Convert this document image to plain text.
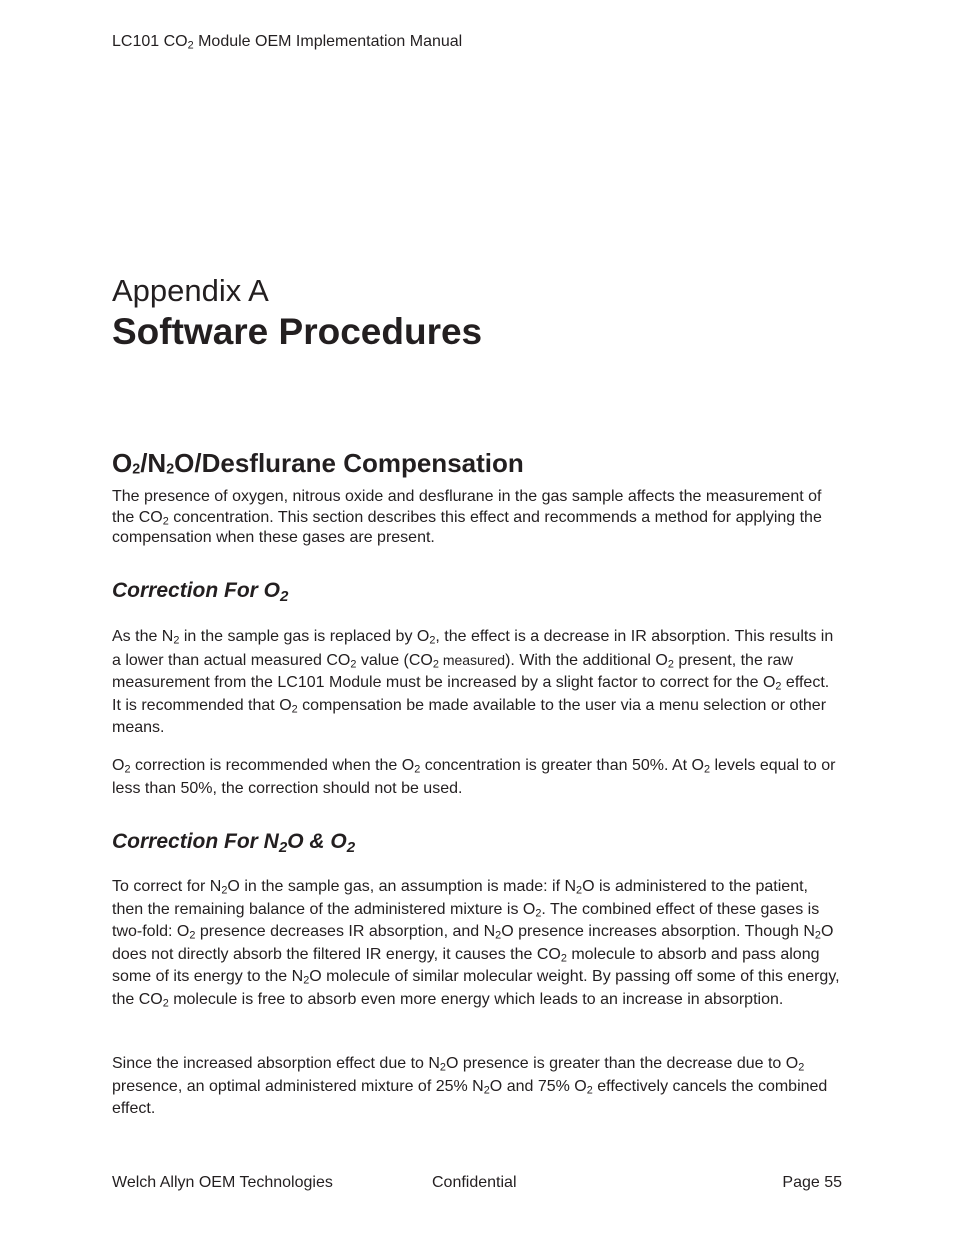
LC101 $CO_2$ Module OEM Implementation Manual
Appendix A
Software Procedures
$O_2/N_2O$/Desflurane Compensation
The presence of oxygen, nitrous oxide and desflurane in the gas sample affects the measurement of the $CO_2$ concentration. This section describes this effect and recommends a method for applying the compensation when these gases are present.
Correction For $O_2$
As the $N_2$ in the sample gas is replaced by $O_2$, the effect is a decrease in IR absorption. This results in a lower than actual measured $CO_2$ value ($CO_2$ measured). With the additional $O_2$ present, the raw measurement from the LC101 Module must be increased by a slight factor to correct for the $O_2$ effect. It is recommended that $O_2$ compensation be made available to the user via a menu selection or other means.
$O_2$ correction is recommended when the $O_2$ concentration is greater than 50%. At $O_2$ levels equal to or less than 50%, the correction should not be used.
Correction For $N_2O$ & $O_2$
To correct for $N_2O$ in the sample gas, an assumption is made: if $N_2O$ is administered to the patient, then the remaining balance of the administered mixture is $O_2$. The combined effect of these gases is two-fold: $O_2$ presence decreases IR absorption, and $N_2O$ presence increases absorption. Though $N_2O$ does not directly absorb the filtered IR energy, it causes the $CO_2$ molecule to absorb and pass along some of its energy to the $N_2O$ molecule of similar molecular weight. By passing off some of this energy, the $CO_2$ molecule is free to absorb even more energy which leads to an increase in absorption.
Since the increased absorption effect due to $N_2O$ presence is greater than the decrease due to $O_2$ presence, an optimal administered mixture of 25% $N_2O$ and 75% $O_2$ effectively cancels the combined effect.
Welch Allyn OEM Technologies	Confidential	Page 55
